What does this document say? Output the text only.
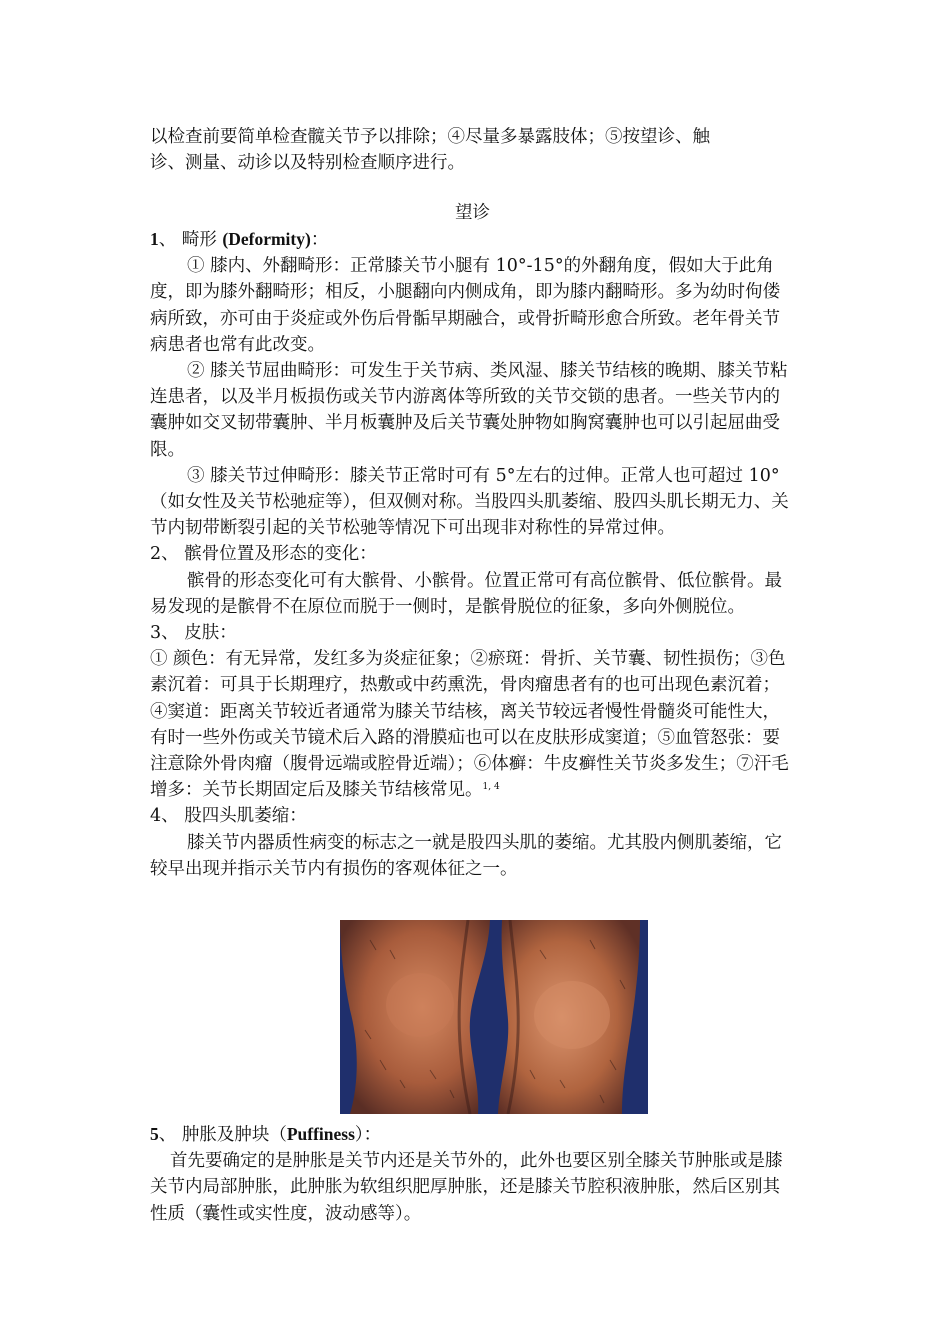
以检查前要简单检查髋关节予以排除；④尽量多暴露肢体；⑤按望诊、触

诊、测量、动诊以及特别检查顺序进行。

望诊

1、 畸形 (Deformity)：

① 膝内、外翻畸形：正常膝关节小腿有 10°-15°的外翻角度，假如大于此角度，即为膝外翻畸形；相反，小腿翻向内侧成角，即为膝内翻畸形。多为幼时佝偻病所致，亦可由于炎症或外伤后骨骺早期融合，或骨折畸形愈合所致。老年骨关节病患者也常有此改变。

② 膝关节屈曲畸形：可发生于关节病、类风湿、膝关节结核的晚期、膝关节粘连患者，以及半月板损伤或关节内游离体等所致的关节交锁的患者。一些关节内的囊肿如交叉韧带囊肿、半月板囊肿及后关节囊处肿物如胸窝囊肿也可以引起屈曲受限。

③ 膝关节过伸畸形：膝关节正常时可有 5°左右的过伸。正常人也可超过 10°（如女性及关节松驰症等），但双侧对称。当股四头肌萎缩、股四头肌长期无力、关节内韧带断裂引起的关节松驰等情况下可出现非对称性的异常过伸。

2、 髌骨位置及形态的变化：

髌骨的形态变化可有大髌骨、小髌骨。位置正常可有高位髌骨、低位髌骨。最易发现的是髌骨不在原位而脱于一侧时，是髌骨脱位的征象，多向外侧脱位。

3、 皮肤：

① 颜色：有无异常，发红多为炎症征象；②瘀斑：骨折、关节囊、韧性损伤；③色素沉着：可具于长期理疗，热敷或中药熏洗，骨肉瘤患者有的也可出现色素沉着；④窦道：距离关节较近者通常为膝关节结核，离关节较远者慢性骨髓炎可能性大，有时一些外伤或关节镜术后入路的滑膜疝也可以在皮肤形成窦道；⑤血管怒张：要注意除外骨肉瘤（腹骨远端或腔骨近端）；⑥体癣：牛皮癣性关节炎多发生；⑦汗毛增多：关节长期固定后及膝关节结核常见。$^{1, 4}$

4、 股四头肌萎缩：

膝关节内器质性病变的标志之一就是股四头肌的萎缩。尤其股内侧肌萎缩，它较早出现并指示关节内有损伤的客观体征之一。

5、 肿胀及肿块（Puffiness）：

首先要确定的是肿胀是关节内还是关节外的，此外也要区别全膝关节肿胀或是膝关节内局部肿胀，此肿胀为软组织肥厚肿胀，还是膝关节腔积液肿胀，然后区别其性质（囊性或实性度，波动感等）。
